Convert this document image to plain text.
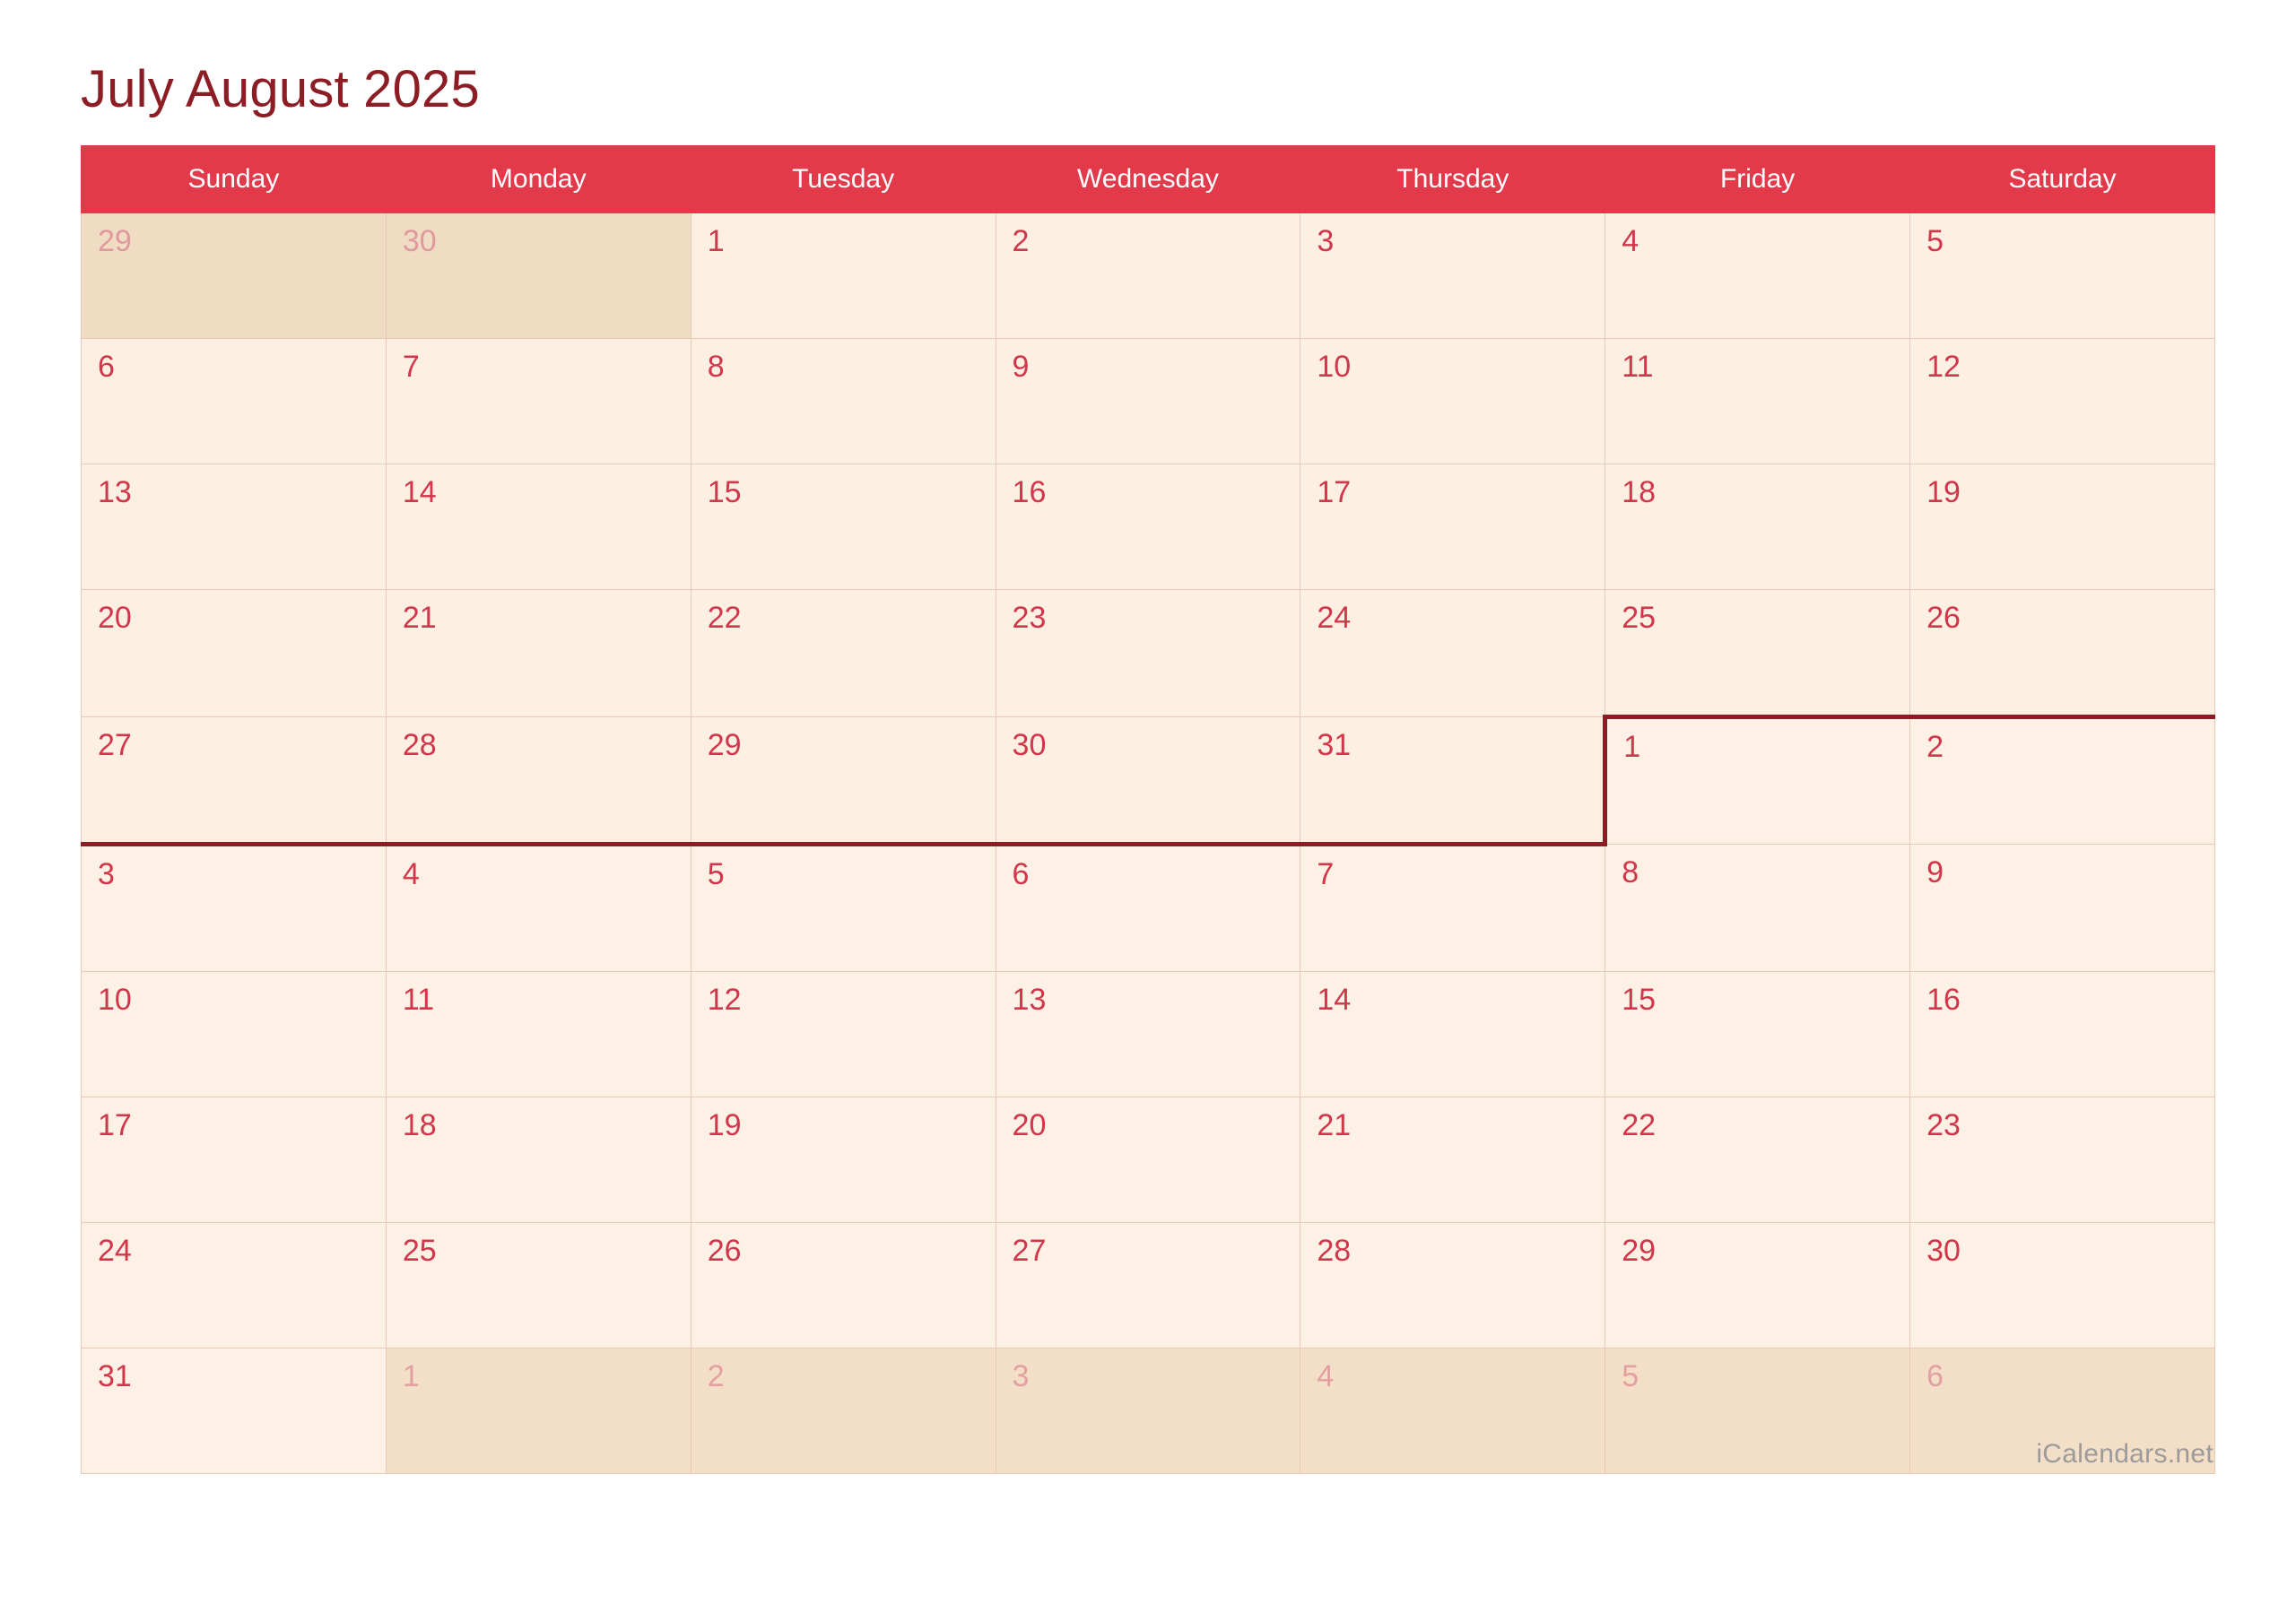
July August 2025
Sunday	Monday	Tuesday	Wednesday	Thursday	Friday	Saturday

29	30	1	2	3	4	5

6	7	8	9	10	11	12

13	14	15	16	17	18	19

20	21	22	23	24	25	26

27	28	29	30	31	1	2

3	4	5	6	7	8	9

10	11	12	13	14	15	16

17	18	19	20	21	22	23

24	25	26	27	28	29	30

31	1	2	3	4	5	6
iCalendars.net
